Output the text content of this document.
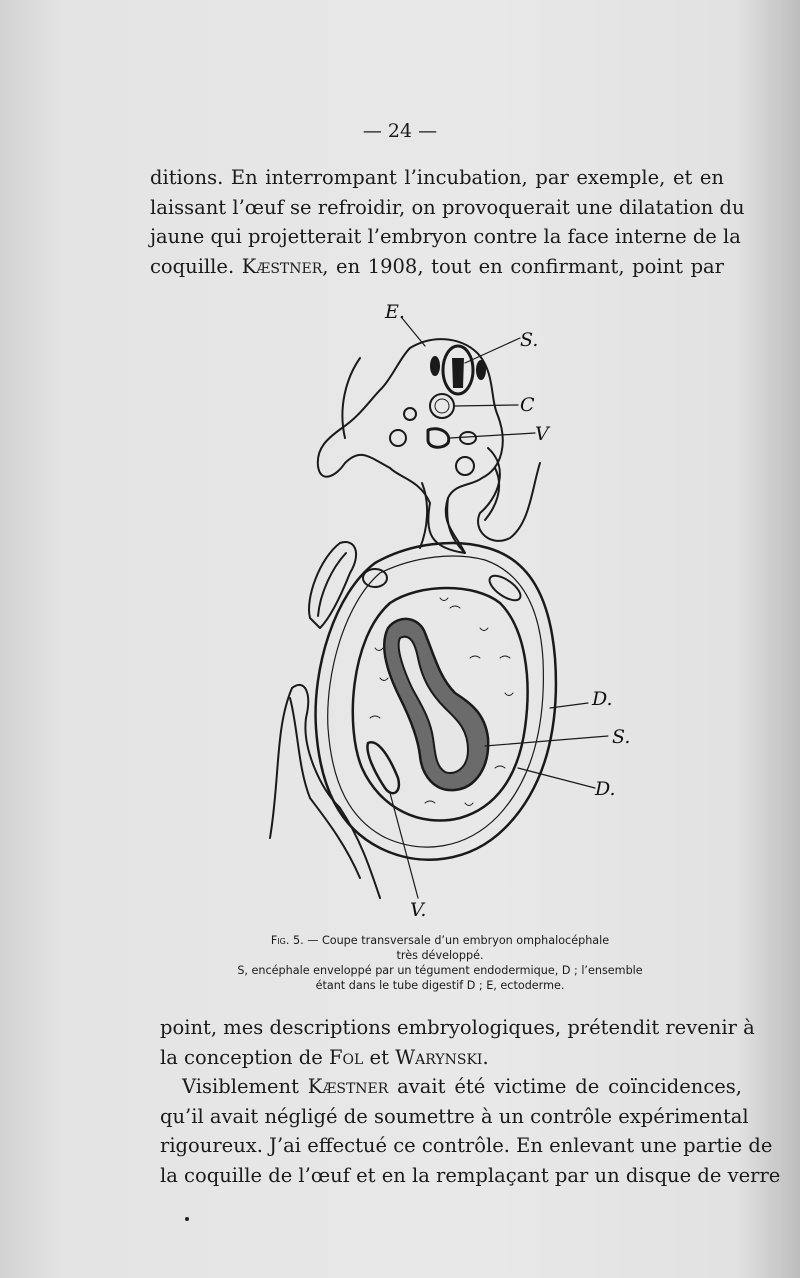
— 24 —
ditions. En interrompant l’incubation, par exemple, et en
laissant l’œuf se refroidir, on provoquerait une dilatation du
jaune qui projetterait l’embryon contre la face interne de la
coquille. Kæstner, en 1908, tout en confirmant, point par
E.
S.
C
V
D.
S.
D.
V.
Fig. 5. — Coupe transversale d’un embryon omphalocéphale
très développé.
S, encéphale enveloppé par un tégument endodermique, D ; l’ensemble
étant dans le tube digestif D ; E, ectoderme.
point, mes descriptions embryologiques, prétendit revenir à
la conception de Fol et Warynski.
Visiblement Kæstner avait été victime de coïncidences,
qu’il avait négligé de soumettre à un contrôle expérimental
rigoureux. J’ai effectué ce contrôle. En enlevant une partie de
la coquille de l’œuf et en la remplaçant par un disque de verre
